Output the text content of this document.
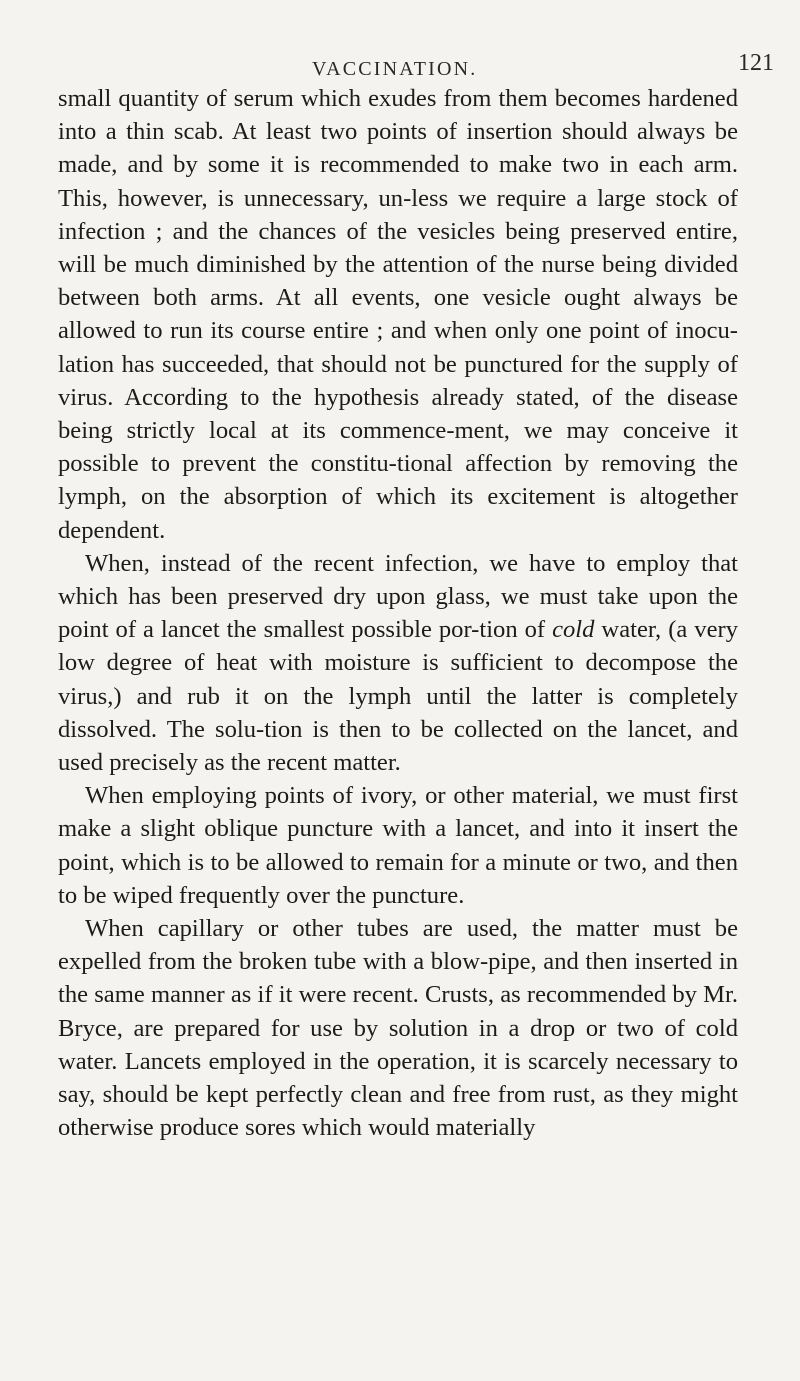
VACCINATION.	121

small quantity of serum which exudes from them becomes hardened into a thin scab. At least two points of insertion should always be made, and by some it is recommended to make two in each arm. This, however, is unnecessary, un-less we require a large stock of infection ; and the chances of the vesicles being preserved entire, will be much diminished by the attention of the nurse being divided between both arms. At all events, one vesicle ought always be allowed to run its course entire ; and when only one point of inocu-lation has succeeded, that should not be punctured for the supply of virus. According to the hypothesis already stated, of the disease being strictly local at its commence-ment, we may conceive it possible to prevent the constitu-tional affection by removing the lymph, on the absorption of which its excitement is altogether dependent.

When, instead of the recent infection, we have to employ that which has been preserved dry upon glass, we must take upon the point of a lancet the smallest possible por-tion of cold water, (a very low degree of heat with moisture is sufficient to decompose the virus,) and rub it on the lymph until the latter is completely dissolved. The solu-tion is then to be collected on the lancet, and used precisely as the recent matter.

When employing points of ivory, or other material, we must first make a slight oblique puncture with a lancet, and into it insert the point, which is to be allowed to remain for a minute or two, and then to be wiped frequently over the puncture.

When capillary or other tubes are used, the matter must be expelled from the broken tube with a blow-pipe, and then inserted in the same manner as if it were recent. Crusts, as recommended by Mr. Bryce, are prepared for use by solution in a drop or two of cold water. Lancets employed in the operation, it is scarcely necessary to say, should be kept perfectly clean and free from rust, as they might otherwise produce sores which would materially
